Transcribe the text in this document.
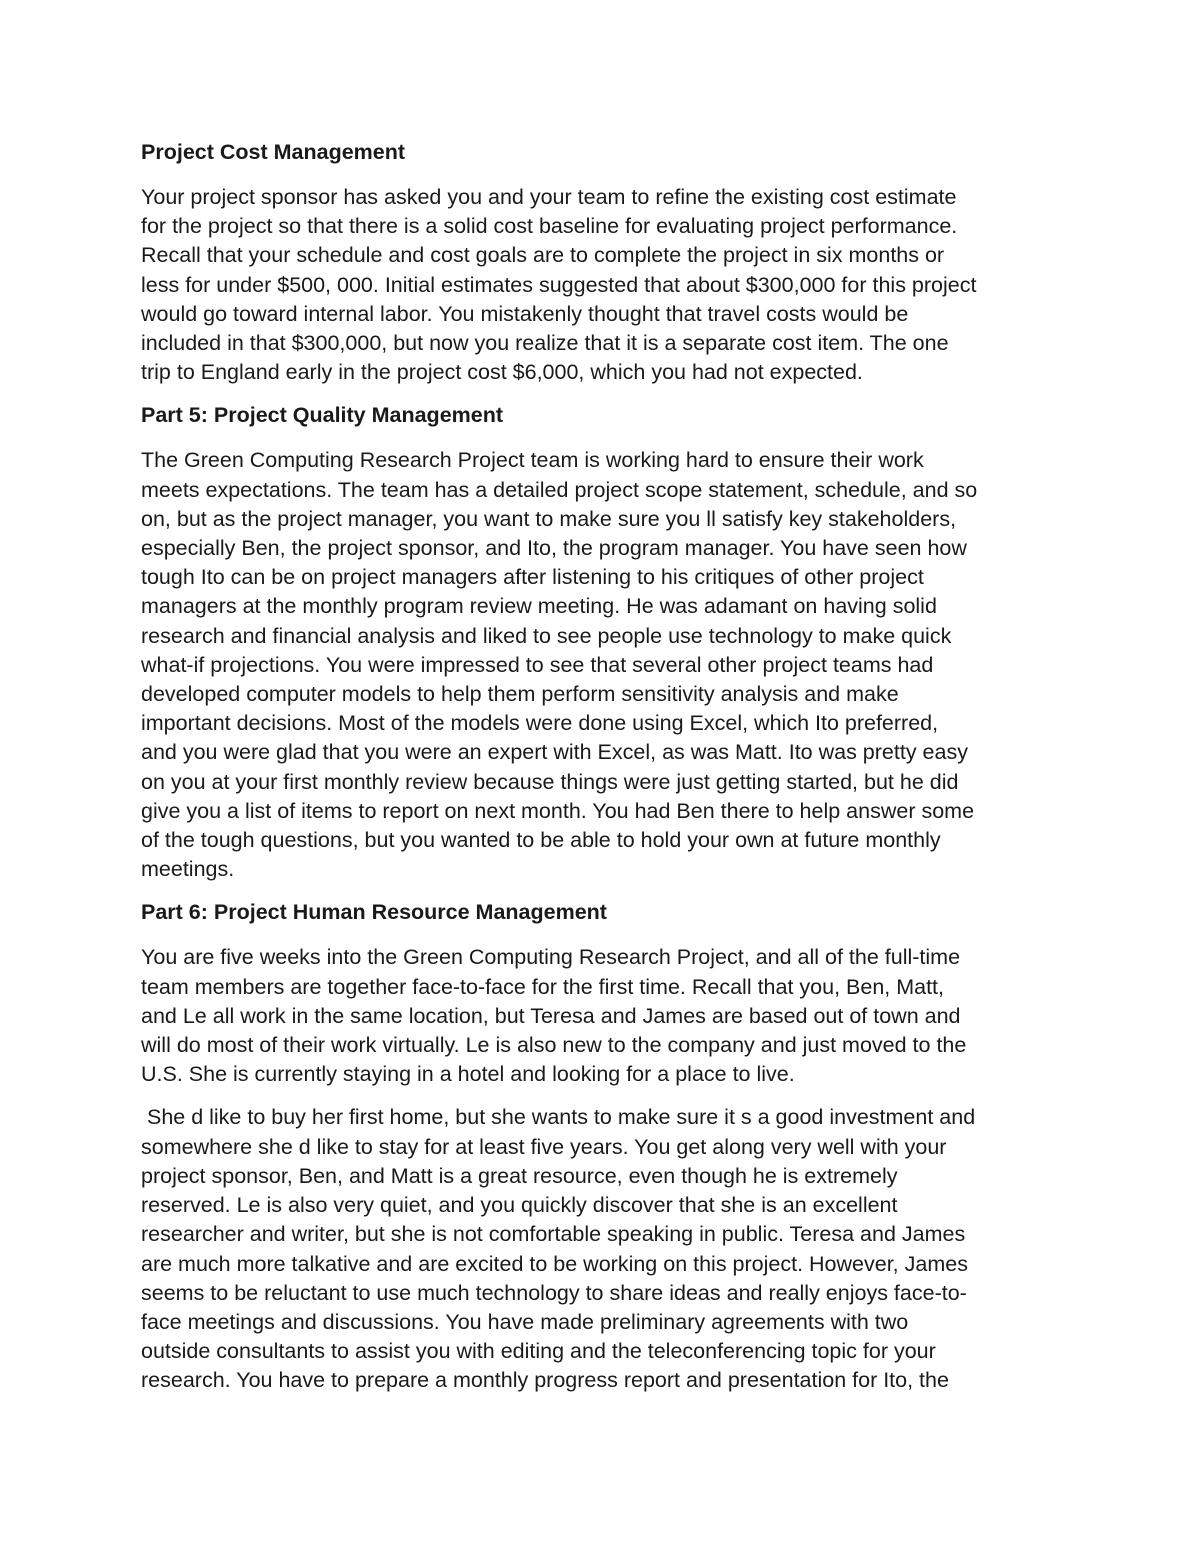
Project Cost Management

Your project sponsor has asked you and your team to refine the existing cost estimate
for the project so that there is a solid cost baseline for evaluating project performance.
Recall that your schedule and cost goals are to complete the project in six months or
less for under $500, 000. Initial estimates suggested that about $300,000 for this project
would go toward internal labor. You mistakenly thought that travel costs would be
included in that $300,000, but now you realize that it is a separate cost item. The one
trip to England early in the project cost $6,000, which you had not expected.

Part 5: Project Quality Management

The Green Computing Research Project team is working hard to ensure their work
meets expectations. The team has a detailed project scope statement, schedule, and so
on, but as the project manager, you want to make sure you ll satisfy key stakeholders,
especially Ben, the project sponsor, and Ito, the program manager. You have seen how
tough Ito can be on project managers after listening to his critiques of other project
managers at the monthly program review meeting. He was adamant on having solid
research and financial analysis and liked to see people use technology to make quick
what-if projections. You were impressed to see that several other project teams had
developed computer models to help them perform sensitivity analysis and make
important decisions. Most of the models were done using Excel, which Ito preferred,
and you were glad that you were an expert with Excel, as was Matt. Ito was pretty easy
on you at your first monthly review because things were just getting started, but he did
give you a list of items to report on next month. You had Ben there to help answer some
of the tough questions, but you wanted to be able to hold your own at future monthly
meetings.

Part 6: Project Human Resource Management

You are five weeks into the Green Computing Research Project, and all of the full-time
team members are together face-to-face for the first time. Recall that you, Ben, Matt,
and Le all work in the same location, but Teresa and James are based out of town and
will do most of their work virtually. Le is also new to the company and just moved to the
U.S. She is currently staying in a hotel and looking for a place to live.
She d like to buy her first home, but she wants to make sure it s a good investment and
somewhere she d like to stay for at least five years. You get along very well with your
project sponsor, Ben, and Matt is a great resource, even though he is extremely
reserved. Le is also very quiet, and you quickly discover that she is an excellent
researcher and writer, but she is not comfortable speaking in public. Teresa and James
are much more talkative and are excited to be working on this project. However, James
seems to be reluctant to use much technology to share ideas and really enjoys face-to-
face meetings and discussions. You have made preliminary agreements with two
outside consultants to assist you with editing and the teleconferencing topic for your
research. You have to prepare a monthly progress report and presentation for Ito, the
